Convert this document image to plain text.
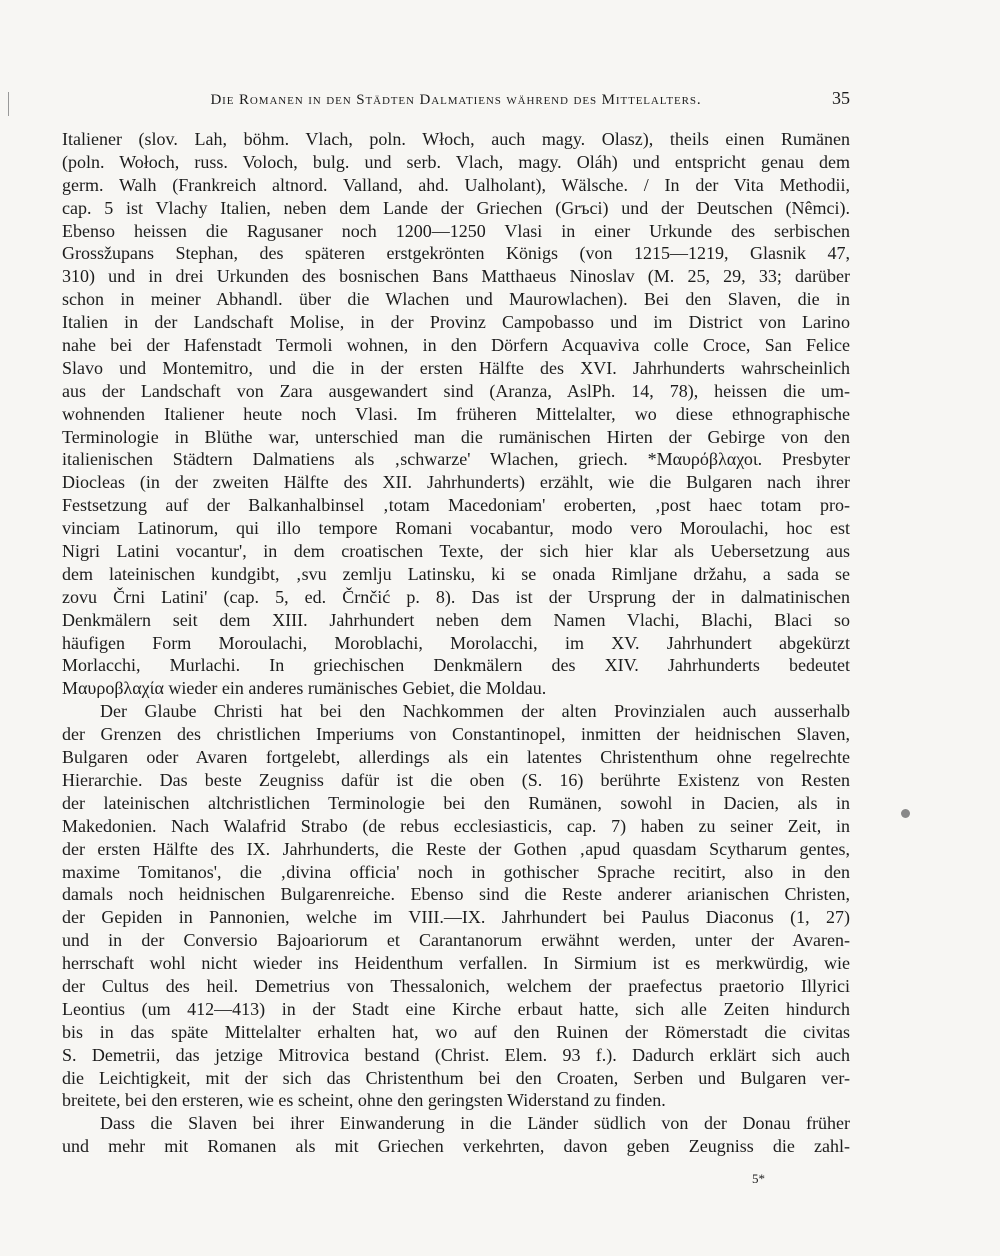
Die Romanen in den Städten Dalmatiens während des Mittelalters.	35
Italiener (slov. Lah, böhm. Vlach, poln. Włoch, auch magy. Olasz), theils einen Rumänen
(poln. Wołoch, russ. Voloch, bulg. und serb. Vlach, magy. Oláh) und entspricht genau dem
germ. Walh (Frankreich altnord. Valland, ahd. Ualholant), Wälsche. / In der Vita Methodii,
cap. 5 ist Vlachy Italien, neben dem Lande der Griechen (Grъci) und der Deutschen (Nêmci).
Ebenso heissen die Ragusaner noch 1200—1250 Vlasi in einer Urkunde des serbischen
Grossžupans Stephan, des späteren erstgekrönten Königs (von 1215—1219, Glasnik 47,
310) und in drei Urkunden des bosnischen Bans Matthaeus Ninoslav (M. 25, 29, 33; darüber
schon in meiner Abhandl. über die Wlachen und Maurowlachen). Bei den Slaven, die in
Italien in der Landschaft Molise, in der Provinz Campobasso und im District von Larino
nahe bei der Hafenstadt Termoli wohnen, in den Dörfern Acquaviva colle Croce, San Felice
Slavo und Montemitro, und die in der ersten Hälfte des XVI. Jahrhunderts wahrscheinlich
aus der Landschaft von Zara ausgewandert sind (Aranza, AslPh. 14, 78), heissen die um-
wohnenden Italiener heute noch Vlasi. Im früheren Mittelalter, wo diese ethnographische
Terminologie in Blüthe war, unterschied man die rumänischen Hirten der Gebirge von den
italienischen Städtern Dalmatiens als ‚schwarze' Wlachen, griech. *Μαυρόβλαχοι. Presbyter
Diocleas (in der zweiten Hälfte des XII. Jahrhunderts) erzählt, wie die Bulgaren nach ihrer
Festsetzung auf der Balkanhalbinsel ‚totam Macedoniam' eroberten, ‚post haec totam pro-
vinciam Latinorum, qui illo tempore Romani vocabantur, modo vero Moroulachi, hoc est
Nigri Latini vocantur', in dem croatischen Texte, der sich hier klar als Uebersetzung aus
dem lateinischen kundgibt, ‚svu zemlju Latinsku, ki se onada Rimljane držahu, a sada se
zovu Črni Latini' (cap. 5, ed. Črnčić p. 8). Das ist der Ursprung der in dalmatinischen
Denkmälern seit dem XIII. Jahrhundert neben dem Namen Vlachi, Blachi, Blaci so
häufigen Form Moroulachi, Moroblachi, Morolacchi, im XV. Jahrhundert abgekürzt
Morlacchi, Murlachi. In griechischen Denkmälern des XIV. Jahrhunderts bedeutet
Μαυροβλαχία wieder ein anderes rumänisches Gebiet, die Moldau.
Der Glaube Christi hat bei den Nachkommen der alten Provinzialen auch ausserhalb
der Grenzen des christlichen Imperiums von Constantinopel, inmitten der heidnischen Slaven,
Bulgaren oder Avaren fortgelebt, allerdings als ein latentes Christenthum ohne regelrechte
Hierarchie. Das beste Zeugniss dafür ist die oben (S. 16) berührte Existenz von Resten
der lateinischen altchristlichen Terminologie bei den Rumänen, sowohl in Dacien, als in
Makedonien. Nach Walafrid Strabo (de rebus ecclesiasticis, cap. 7) haben zu seiner Zeit, in
der ersten Hälfte des IX. Jahrhunderts, die Reste der Gothen ‚apud quasdam Scytharum gentes,
maxime Tomitanos', die ‚divina officia' noch in gothischer Sprache recitirt, also in den
damals noch heidnischen Bulgarenreiche. Ebenso sind die Reste anderer arianischen Christen,
der Gepiden in Pannonien, welche im VIII.—IX. Jahrhundert bei Paulus Diaconus (1, 27)
und in der Conversio Bajoariorum et Carantanorum erwähnt werden, unter der Avaren-
herrschaft wohl nicht wieder ins Heidenthum verfallen. In Sirmium ist es merkwürdig, wie
der Cultus des heil. Demetrius von Thessalonich, welchem der praefectus praetorio Illyrici
Leontius (um 412—413) in der Stadt eine Kirche erbaut hatte, sich alle Zeiten hindurch
bis in das späte Mittelalter erhalten hat, wo auf den Ruinen der Römerstadt die civitas
S. Demetrii, das jetzige Mitrovica bestand (Christ. Elem. 93 f.). Dadurch erklärt sich auch
die Leichtigkeit, mit der sich das Christenthum bei den Croaten, Serben und Bulgaren ver-
breitete, bei den ersteren, wie es scheint, ohne den geringsten Widerstand zu finden.
Dass die Slaven bei ihrer Einwanderung in die Länder südlich von der Donau früher
und mehr mit Romanen als mit Griechen verkehrten, davon geben Zeugniss die zahl-
5*
